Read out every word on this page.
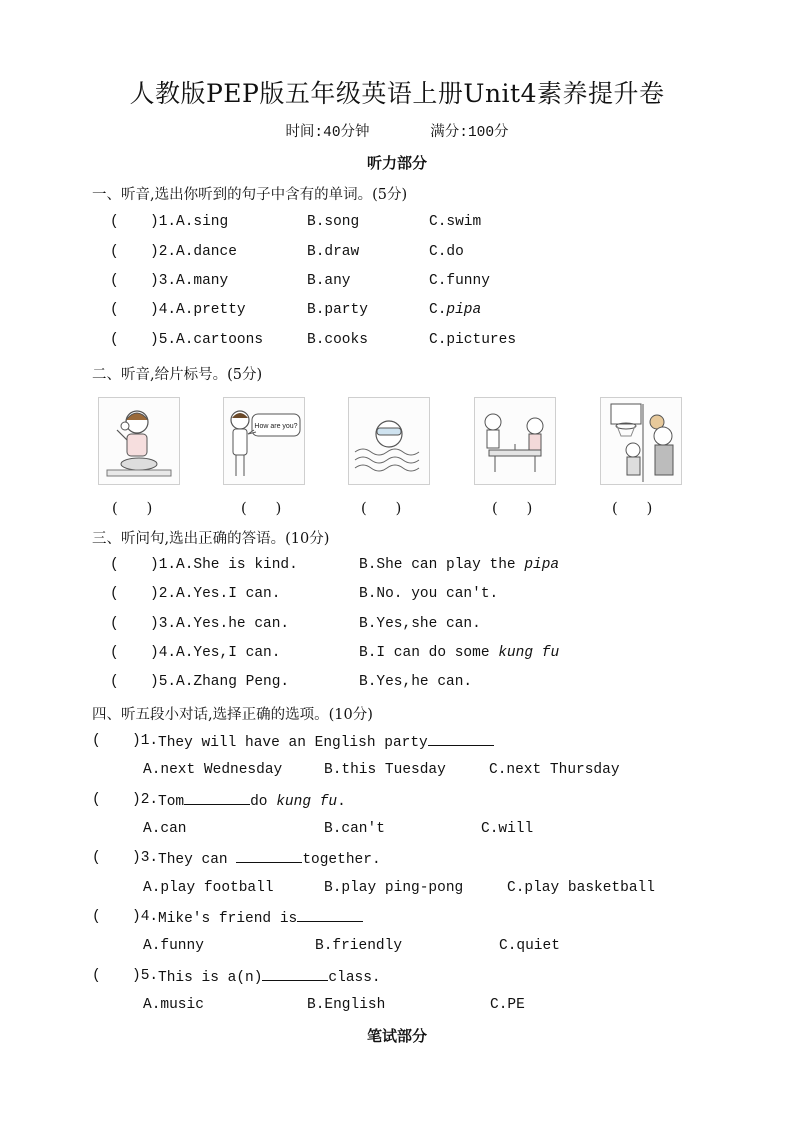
人教版PEP版五年级英语上册Unit4素养提升卷
时间:40分钟	满分:100分
听力部分
一、听音,选出你听到的句子中含有的单词。(5分)
( )1. A.sing	B.song	C.swim
( )2. A.dance	B.draw	C.do
( )3. A.many	B.any	C.funny
( )4. A.pretty	B.party	C.pipa
( )5. A.cartoons	B.cooks	C.pictures
二、听音,给片标号。(5分)
How are you?
(　　)	(　　)	(　　)	(　　)	(　　)
三、听问句,选出正确的答语。(10分)
( )1. A.She is kind.	B.She can play the pipa
( )2. A.Yes.I can.	B.No. you can't.
( )3. A.Yes.he can.	B.Yes,she can.
( )4. A.Yes,I can.	B.I can do some kung fu
( )5. A.Zhang Peng.	B.Yes,he can.
四、听五段小对话,选择正确的选项。(10分)
( )1. They will have an English party
A.next Wednesday	B.this Tuesday	C.next Thursday
( )2. Tom	do kung fu.
A.can	B.can't	C.will
( )3. They can	together.
A.play football	B.play ping-pong	C.play basketball
( )4. Mike's friend is
A.funny	B.friendly	C.quiet
( )5. This is a(n)	class.
A.music	B.English	C.PE
笔试部分
